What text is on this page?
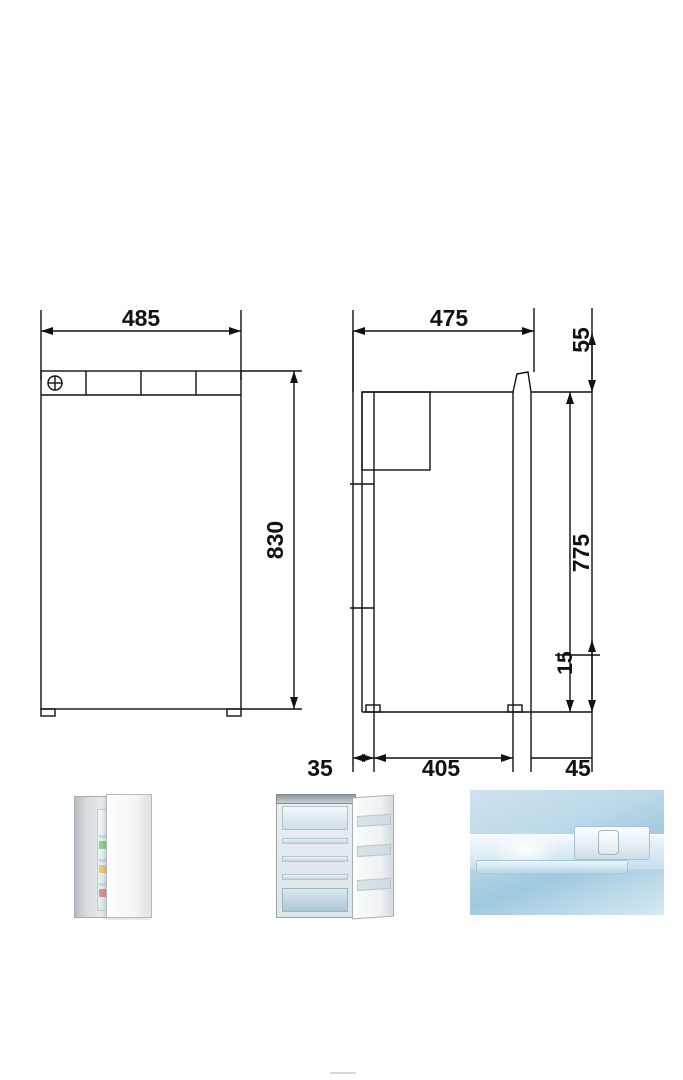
485
830
475
55
775
15
35	405	45
